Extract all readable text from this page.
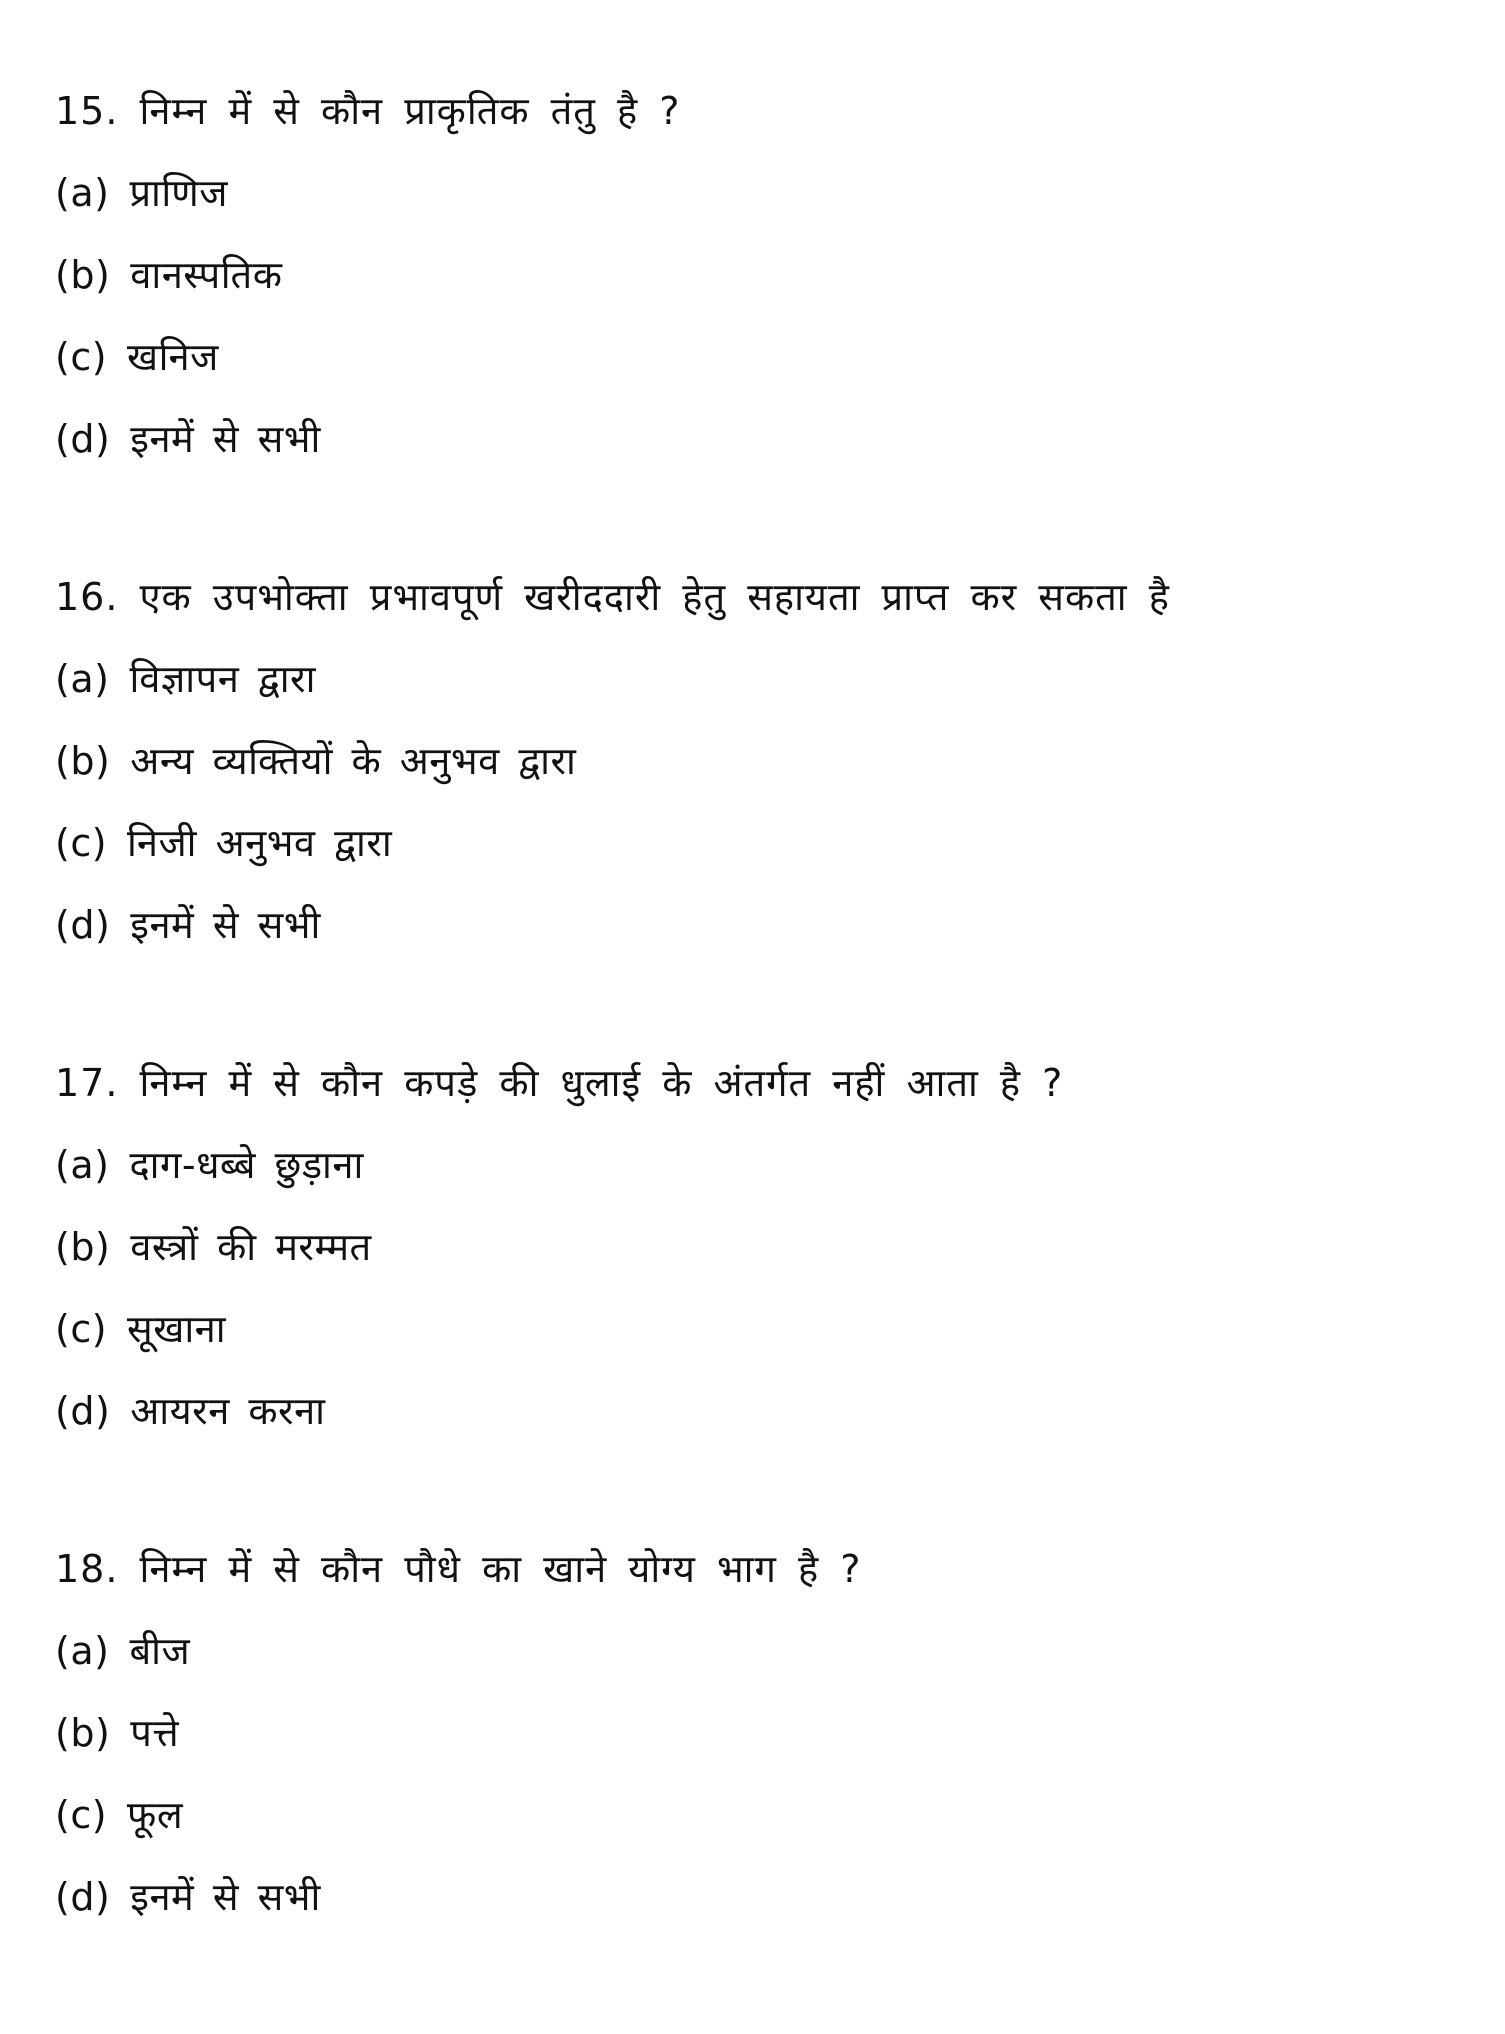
15. निम्न में से कौन प्राकृतिक तंतु है ?
(a) प्राणिज
(b) वानस्पतिक
(c) खनिज
(d) इनमें से सभी
16. एक उपभोक्ता प्रभावपूर्ण खरीददारी हेतु सहायता प्राप्त कर सकता है
(a) विज्ञापन द्वारा
(b) अन्य व्यक्तियों के अनुभव द्वारा
(c) निजी अनुभव द्वारा
(d) इनमें से सभी
17. निम्न में से कौन कपड़े की धुलाई के अंतर्गत नहीं आता है ?
(a) दाग-धब्बे छुड़ाना
(b) वस्त्रों की मरम्मत
(c) सूखाना
(d) आयरन करना
18. निम्न में से कौन पौधे का खाने योग्य भाग है ?
(a) बीज
(b) पत्ते
(c) फूल
(d) इनमें से सभी
